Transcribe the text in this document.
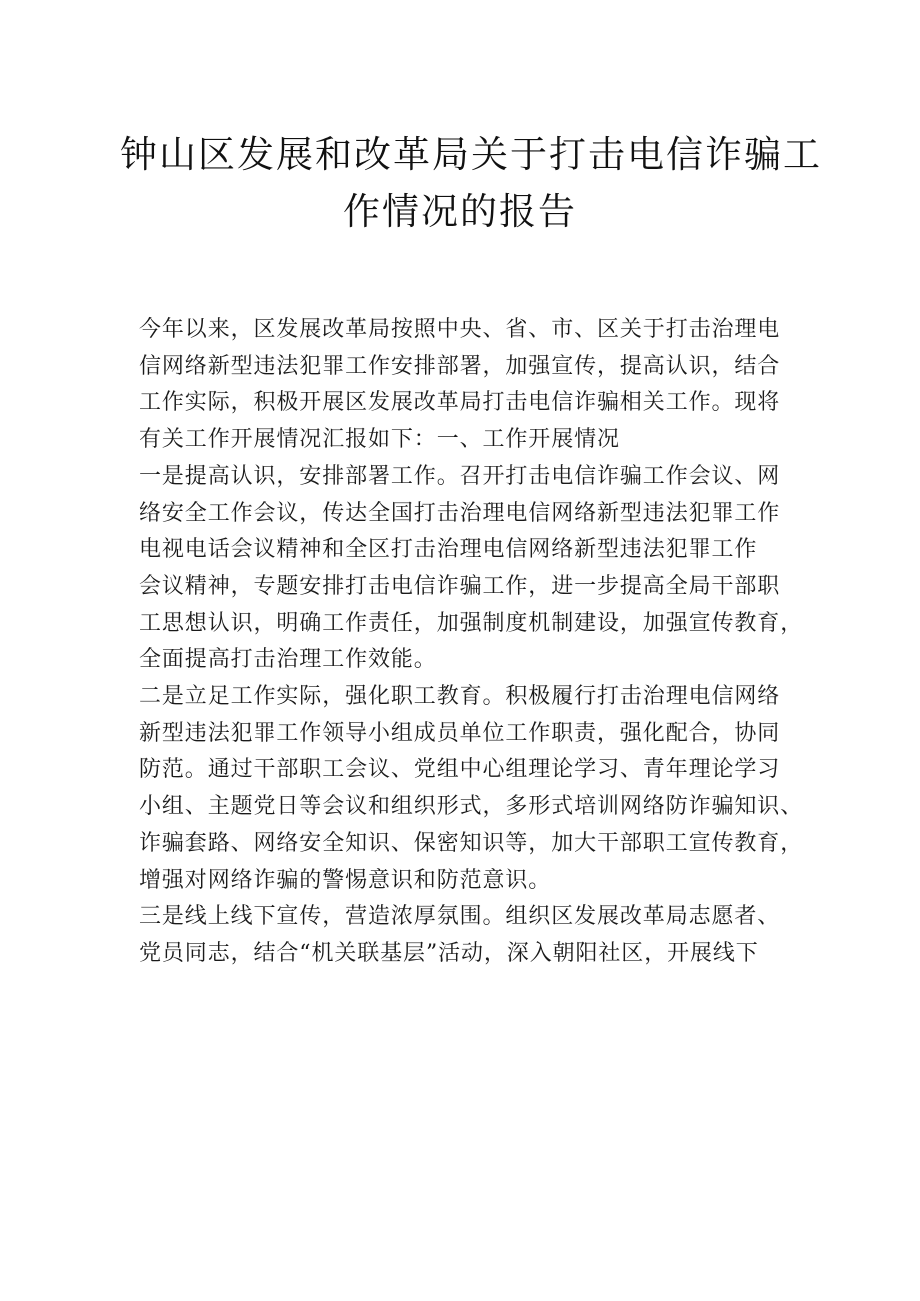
钟山区发展和改革局关于打击电信诈骗工
作情况的报告
今年以来，区发展改革局按照中央、省、市、区关于打击治理电
信网络新型违法犯罪工作安排部署，加强宣传，提高认识，结合
工作实际，积极开展区发展改革局打击电信诈骗相关工作。现将
有关工作开展情况汇报如下：一、工作开展情况
一是提高认识，安排部署工作。召开打击电信诈骗工作会议、网
络安全工作会议，传达全国打击治理电信网络新型违法犯罪工作
电视电话会议精神和全区打击治理电信网络新型违法犯罪工作
会议精神，专题安排打击电信诈骗工作，进一步提高全局干部职
工思想认识，明确工作责任，加强制度机制建设，加强宣传教育，
全面提高打击治理工作效能。
二是立足工作实际，强化职工教育。积极履行打击治理电信网络
新型违法犯罪工作领导小组成员单位工作职责，强化配合，协同
防范。通过干部职工会议、党组中心组理论学习、青年理论学习
小组、主题党日等会议和组织形式，多形式培训网络防诈骗知识、
诈骗套路、网络安全知识、保密知识等，加大干部职工宣传教育，
增强对网络诈骗的警惕意识和防范意识。
三是线上线下宣传，营造浓厚氛围。组织区发展改革局志愿者、
党员同志，结合“机关联基层”活动，深入朝阳社区，开展线下
